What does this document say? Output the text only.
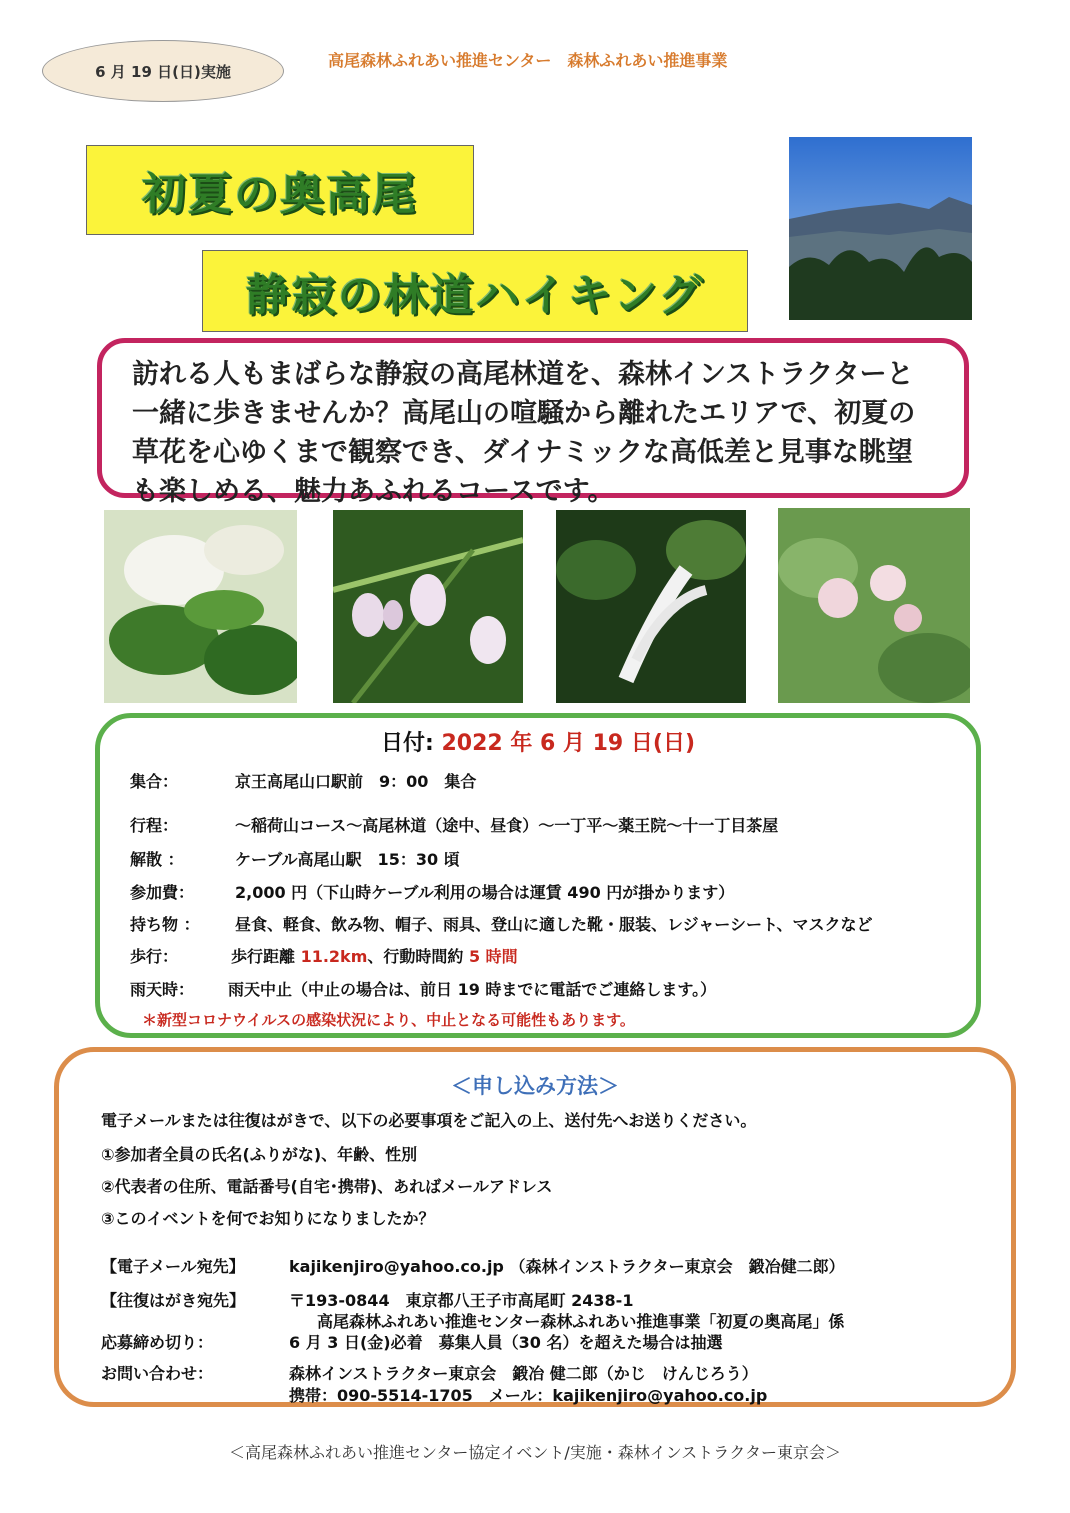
6 月 19 日(日)実施
高尾森林ふれあい推進センター　森林ふれあい推進事業
初夏の奥高尾
静寂の林道ハイキング
訪れる人もまばらな静寂の高尾林道を、森林インストラクターと一緒に歩きませんか？高尾山の喧騒から離れたエリアで、初夏の草花を心ゆくまで観察でき、ダイナミックな高低差と見事な眺望も楽しめる、魅力あふれるコースです。
日付: 2022 年 6 月 19 日(日)
集合：	京王高尾山口駅前　9：00　集合
行程：	～稲荷山コース～高尾林道（途中、昼食）～一丁平～薬王院～十一丁目茶屋
解散 ：	ケーブル高尾山駅　15：30 頃
参加費：	2,000 円（下山時ケーブル利用の場合は運賃 490 円が掛かります）
持ち物 ： 昼食、軽食、飲み物、帽子、雨具、登山に適した靴・服装、レジャーシート、マスクなど
歩行：	歩行距離 11.2km、行動時間約 5 時間
雨天時： 雨天中止（中止の場合は、前日 19 時までに電話でご連絡します。）
＊新型コロナウイルスの感染状況により、中止となる可能性もあります。
＜申し込み方法＞
電子メールまたは往復はがきで、以下の必要事項をご記入の上、送付先へお送りください。
①参加者全員の氏名(ふりがな)、年齢、性別
②代表者の住所、電話番号(自宅･携帯)、あればメールアドレス
③このイベントを何でお知りになりましたか？
【電子メール宛先】	kajikenjiro@yahoo.co.jp （森林インストラクター東京会　鍛冶健二郎）
【往復はがき宛先】	〒193-0844　東京都八王子市高尾町 2438-1
高尾森林ふれあい推進センター森林ふれあい推進事業「初夏の奥高尾」係
応募締め切り：	6 月 3 日(金)必着　募集人員（30 名）を超えた場合は抽選
お問い合わせ：	森林インストラクター東京会　鍛冶 健二郎（かじ　けんじろう）
携帯：090-5514-1705　メール：kajikenjiro@yahoo.co.jp
＜高尾森林ふれあい推進センター協定イベント/実施・森林インストラクター東京会＞
